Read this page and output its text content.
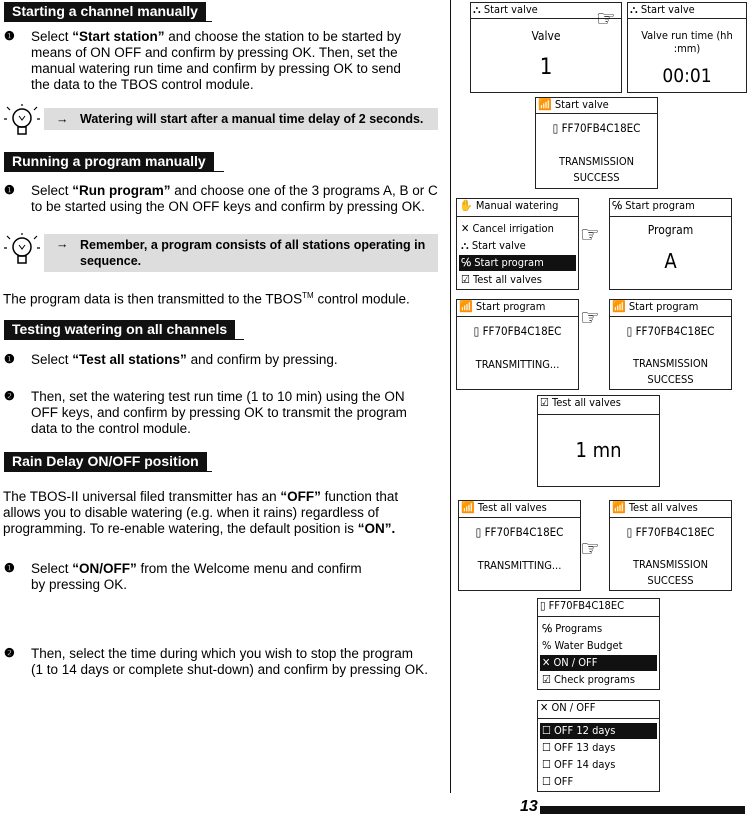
Starting a channel manually
❶ Select “Start station” and choose the station to be started by
means of ON OFF and confirm by pressing OK. Then, set the
manual watering run time and confirm by pressing OK to send
the data to the TBOS control module.
→ Watering will start after a manual time delay of 2 seconds.
Running a program manually
❶ Select “Run program” and choose one of the 3 programs A, B or C
to be started using the ON OFF keys and confirm by pressing OK.
→ Remember, a program consists of all stations operating in
sequence.
The program data is then transmitted to the TBOS™ control module.
Testing watering on all channels
❶ Select “Test all stations” and confirm by pressing.
❷ Then, set the watering test run time (1 to 10 min) using the ON
OFF keys, and confirm by pressing OK to transmit the program
data to the control module.
Rain Delay ON/OFF position
The TBOS-II universal filed transmitter has an “OFF” function that
allows you to disable watering (e.g. when it rains) regardless of
programming. To re-enable watering, the default position is “ON”.
❶ Select “ON/OFF” from the Welcome menu and confirm
by pressing OK.
❷ Then, select the time during which you wish to stop the program
(1 to 14 days or complete shut-down) and confirm by pressing OK.
⛬ Start valve
Valve
1
☞ ⛬ Start valve
Valve run time (hh :mm)
00:01
📶 Start valve
▯ FF70FB4C18EC
TRANSMISSION
SUCCESS
✋ Manual watering
✕ Cancel irrigation
⛬ Start valve
℅ Start program
☑ Test all valves
☞
℅ Start program
Program
A
📶 Start program
▯ FF70FB4C18EC
TRANSMITTING...
☞ 📶 Start program
▯ FF70FB4C18EC
TRANSMISSION
SUCCESS
☑ Test all valves
1 mn
📶 Test all valves
▯ FF70FB4C18EC
TRANSMITTING...
☞
📶 Test all valves
▯ FF70FB4C18EC
TRANSMISSION
SUCCESS
▯ FF70FB4C18EC
℅ Programs
% Water Budget
✕ ON / OFF
☑ Check programs
✕ ON / OFF
☐ OFF 12 days
☐ OFF 13 days
☐ OFF 14 days
☐ OFF
13
